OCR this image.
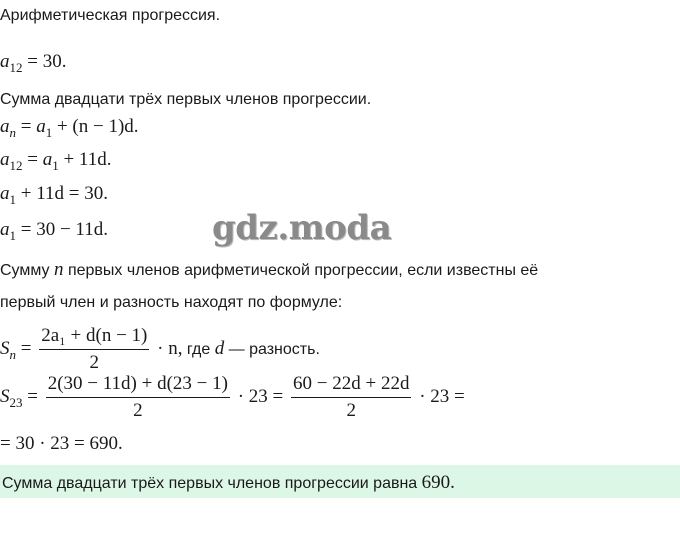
Арифметическая прогрессия.
$a_{12} = 30$.
Сумма двадцати трёх первых членов прогрессии.
$a_n = a_1 + (n - 1)d$.
$a_{12} = a_1 + 11d$.
$a_1 + 11d = 30$.
$a_1 = 30 - 11d$.	gdz.moda
Сумму n первых членов арифметической прогрессии, если известны её
первый член и разность находят по формуле:
$S_n = \frac{\text{2a₁ + d(n − 1)}}{2} \cdot n$, где d — разность.
$S_{23} = \frac{2(30 - 11d) + d(23 - 1)}{2} \cdot 23 = \frac{60 - 22d + 22d}{2} \cdot 23$ =
= 30 · 23 = 690.
Сумма двадцати трёх первых членов прогрессии равна 690.
